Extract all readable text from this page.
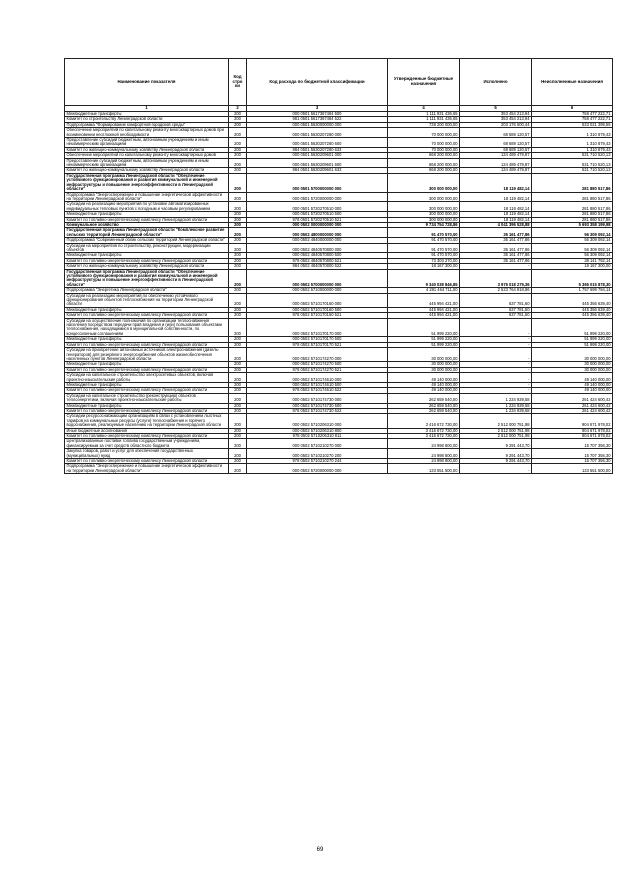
Наименование показателя	Код стро ки	Код расхода по бюджетной классификации	Утвержденные бюджетные назначения	Исполнено	Неисполненные назначения
1	2	3	4	5	6
Межбюджетные трансферты	200	000 0501 5617367484 500	1 111 931 436,65	353 454 213,94	758 477 222,71
Комитет по строительству Ленинградской области	200	981 0501 5617367484 522	1 111 931 436,65	353 454 213,94	758 477 222,71
Подпрограмма "Формирование комфортной городской среды"	200	000 0501 5630000000 000	738 200 000,00	203 176 600,44	533 021 399,56
Обеспечение мероприятий по капитальному ремонту многоквартирных домов при возникновении неотложной необходимости	200	000 0501 5630207280 000	70 000 000,00	68 689 120,57	1 310 879,43
Предоставление субсидий бюджетным, автономным учреждениям и иным некоммерческим организациям	200	000 0501 5630207280 600	70 000 000,00	68 689 120,57	1 310 879,43
Комитет по жилищно-коммунальному хозяйству Ленинградской области	200	984 0501 5630207280 633	70 000 000,00	68 689 120,57	1 310 879,43
Обеспечение мероприятий по капитальному ремонту многоквартирных домов	200	000 0501 5630209601 000	668 200 000,00	134 489 479,87	531 710 520,13
Предоставление субсидий бюджетным, автономным учреждениям и иным некоммерческим организациям	200	000 0501 5630209601 600	668 200 000,00	134 489 479,87	531 710 520,13
Комитет по жилищно-коммунальному хозяйству Ленинградской области	200	984 0501 5630209601 633	668 200 000,00	134 489 479,87	531 710 520,13
Государственная программа Ленинградской области "Обеспечение устойчивого функционирования и развития коммунальной и инженерной инфраструктуры и повышение энергоэффективности в Ленинградской области"	200	000 0501 5700000000 000	300 000 000,00	18 119 482,14	281 880 517,86
Подпрограмма "Энергосбережение и повышение энергетической эффективности на территории Ленинградской области"	200	000 0501 5720000000 000	300 000 000,00	18 119 482,14	281 880 517,86
Субсидии на реализацию мероприятий по установке автоматизированных индивидуальных тепловых пунктов с погодным и часовым регулированием	200	000 0501 5720270510 000	300 000 000,00	18 119 482,14	281 880 517,86
Межбюджетные трансферты	200	000 0501 5720270510 500	300 000 000,00	18 119 482,14	281 880 517,86
Комитет по топливно-энергетическому комплексу Ленинградской области	200	978 0501 5720270510 521	300 000 000,00	18 119 482,14	281 880 517,86
Коммунальное хозяйство	200	000 0502 0000000000 000	9 734 754 728,86	4 041 396 528,88	5 693 358 199,98
Государственная программа Ленинградской области "Комплексное развитие сельских территорий Ленинградской области"	200	000 0502 4800000000 000	91 470 570,00	35 161 477,86	56 309 092,14
Подпрограмма "Современный облик сельских территорий Ленинградской области"	200	000 0502 4840000000 000	91 470 570,00	35 161 477,86	56 309 092,14
Субсидии на мероприятия по строительству, реконструкции, модернизации объектов	200	000 0502 4840570800 000	91 470 570,00	35 161 477,86	56 309 092,14
Межбюджетные трансферты	200	000 0502 4840570800 500	91 470 570,00	35 161 477,86	56 309 092,14
Комитет по топливно-энергетическому комплексу Ленинградской области	200	978 0502 4840570800 521	73 303 270,00	35 161 477,86	38 141 792,14
Комитет по жилищно-коммунальному хозяйству Ленинградской области	200	984 0502 4840570800 522	18 167 300,00	-	18 167 300,00
Государственная программа Ленинградской области "Обеспечение устойчивого функционирования и развития коммунальной и инженерной инфраструктуры и повышение энергоэффективности в Ленинградской области"	200	000 0502 5700000000 000	9 340 038 846,85	3 975 018 279,36	5 365 015 878,30
Подпрограмма "Энергетика Ленинградской области"	200	000 0502 5710000000 000	4 281 464 711,00	2 523 764 918,86	1 757 699 794,14
Субсидии на реализацию мероприятий по обеспечению устойчивого функционирования объектов теплоснабжения на территории Ленинградской области	200	000 0502 5710170160 000	445 994 421,00	637 781,60	445 356 639,40
Межбюджетные трансферты	200	000 0502 5710170160 500	445 994 421,00	637 781,60	445 356 639,40
Комитет по топливно-энергетическому комплексу Ленинградской области	200	978 0502 5710170160 521	445 994 421,00	637 781,60	445 356 639,40
Субсидии на осуществление полномочий по организации теплоснабжения населения посредством передачи прав владения и (или) пользования объектами теплоснабжения, находящимися в муниципальной собственности, по концессионным соглашениям	200	000 0502 5710170170 000	51 999 220,00	-	51 999 220,00
Межбюджетные трансферты	200	000 0502 5710170170 500	51 999 220,00	-	51 999 220,00
Комитет по топливно-энергетическому комплексу Ленинградской области	200	978 0502 5710170170 521	51 999 220,00	-	51 999 220,00
Субсидии на приобретение автономных источников электроснабжения (дизель-генераторов) для резервного энергоснабжения объектов жизнеобеспечения населенных пунктов Ленинградской области	200	000 0502 5710174270 000	30 000 000,00	-	30 000 000,00
Межбюджетные трансферты	200	000 0502 5710174270 500	30 000 000,00	-	30 000 000,00
Комитет по топливно-энергетическому комплексу Ленинградской области	200	978 0502 5710174270 521	30 000 000,00	-	30 000 000,00
Субсидии на капитальное строительство электросетевых объектов, включая проектно-изыскательские работы	200	000 0502 5710174610 000	49 140 000,00	-	49 140 000,00
Межбюджетные трансферты	200	000 0502 5710174610 500	49 140 000,00	-	49 140 000,00
Комитет по топливно-энергетическому комплексу Ленинградской области	200	978 0502 5710174610 522	49 140 000,00	-	49 140 000,00
Субсидии на капитальное строительство (реконструкцию) объектов теплоэнергетики, включая проектно-изыскательские работы	200	000 0502 5710174730 000	262 659 540,00	1 234 939,58	261 424 600,42
Межбюджетные трансферты	200	000 0502 5710174730 500	262 659 540,00	1 234 939,58	261 424 600,42
Комитет по топливно-энергетическому комплексу Ленинградской области	200	978 0502 5710174730 522	262 659 540,00	1 234 939,58	261 424 600,42
Субсидии ресурсоснабжающим организациям в связи с установлением льготных тарифов на коммунальные ресурсы (услуги) теплоснабжения и горячего водоснабжения, реализуемые населению на территории Ленинградской области	200	000 0502 5710206310 000	3 416 672 730,00	2 512 000 751,98	904 671 978,02
Иные бюджетные ассигнования	200	000 0502 5710206310 800	3 416 672 730,00	2 512 000 751,98	904 671 978,02
Комитет по топливно-энергетическому комплексу Ленинградской области	200	978 0502 5710206310 811	3 416 672 730,00	2 512 000 751,98	904 671 978,02
Централизованные поставки топлива государственным учреждениям, финансируемым за счет средств областного бюджета	200	000 0502 5710210270 000	24 998 800,00	9 291 443,70	15 707 356,30
Закупка товаров, работ и услуг для обеспечения государственных (муниципальных) нужд	200	000 0502 5710210270 200	24 998 800,00	9 291 443,70	15 707 356,30
Комитет по топливно-энергетическому комплексу Ленинградской области	200	978 0502 5710210270 244	24 998 800,00	9 291 443,70	15 707 356,30
Подпрограмма "Энергосбережение и повышение энергетической эффективности на территории Ленинградской области"	200	000 0502 5720000000 000	133 551 500,00	-	133 551 500,00
69
